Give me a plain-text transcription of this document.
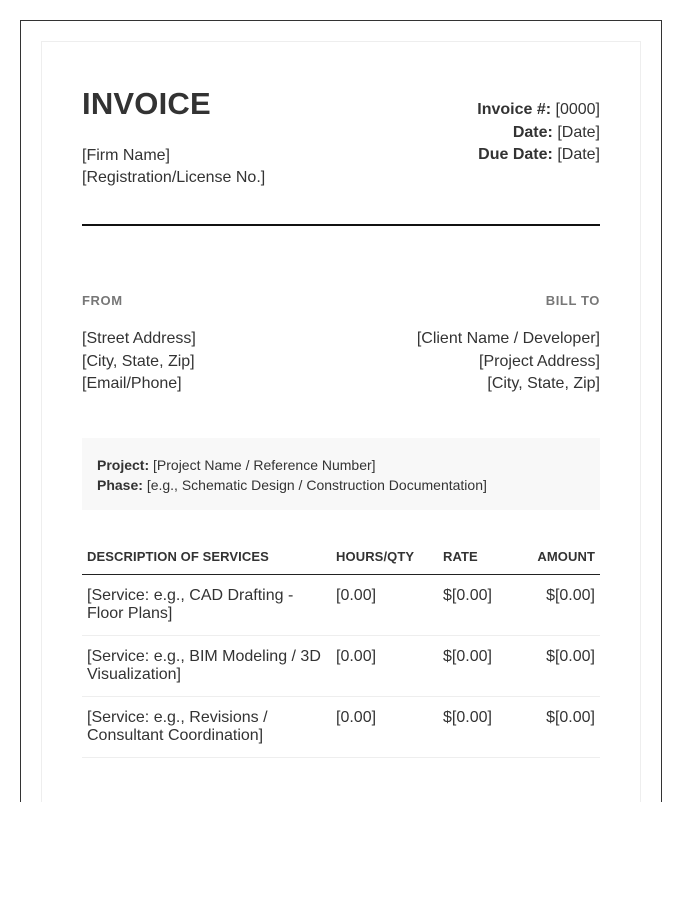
INVOICE
[Firm Name]
[Registration/License No.]
Invoice #: [0000]
Date: [Date]
Due Date: [Date]
FROM	BILL TO
[Street Address]
[City, State, Zip]
[Email/Phone]
[Client Name / Developer]
[Project Address]
[City, State, Zip]
Project: [Project Name / Reference Number]
Phase: [e.g., Schematic Design / Construction Documentation]
DESCRIPTION OF SERVICES	HOURS/QTY	RATE	AMOUNT
[Service: e.g., CAD Drafting - Floor Plans]	[0.00]	$[0.00]	$[0.00]
[Service: e.g., BIM Modeling / 3D Visualization]	[0.00]	$[0.00]	$[0.00]
[Service: e.g., Revisions / Consultant Coordination]	[0.00]	$[0.00]	$[0.00]
